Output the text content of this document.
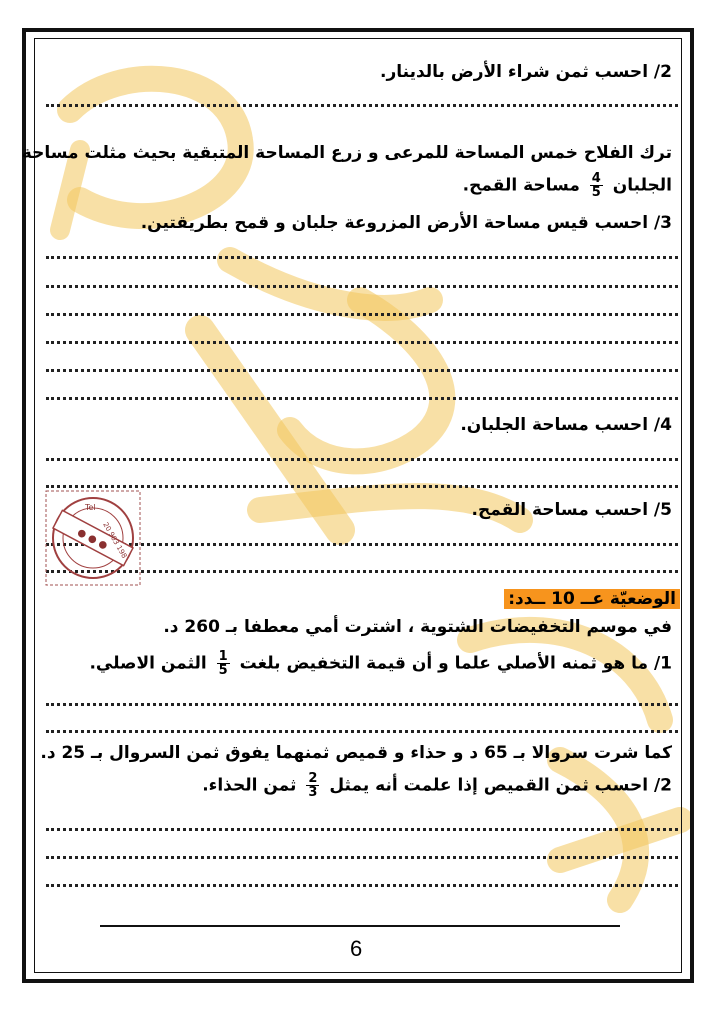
2/ احسب ثمن شراء الأرض بالدينار.
ترك الفلاح خمس المساحة للمرعى و زرع المساحة المتبقية بحيث مثلت مساحة
الجلبان
$\frac{4}{5}$
مساحة القمح.
3/ احسب قيس مساحة الأرض المزروعة جلبان و قمح بطريقتين.
4/ احسب مساحة الجلبان.
5/ احسب مساحة القمح.
● ● ●
Tel
20 903 198
الوضعيّة عــ 10 ــدد:
في موسم التخفيضات الشتوية ، اشترت أمي معطفا بـ 260 د.
1/ ما هو ثمنه الأصلي علما و أن قيمة التخفيض بلغت
$\frac{1}{5}$
الثمن الاصلي.
كما شرت سروالا بـ 65 د و حذاء و قميص ثمنهما يفوق ثمن السروال بـ 25 د.
2/ احسب ثمن القميص إذا علمت أنه يمثل
$\frac{2}{3}$
ثمن الحذاء.
6
